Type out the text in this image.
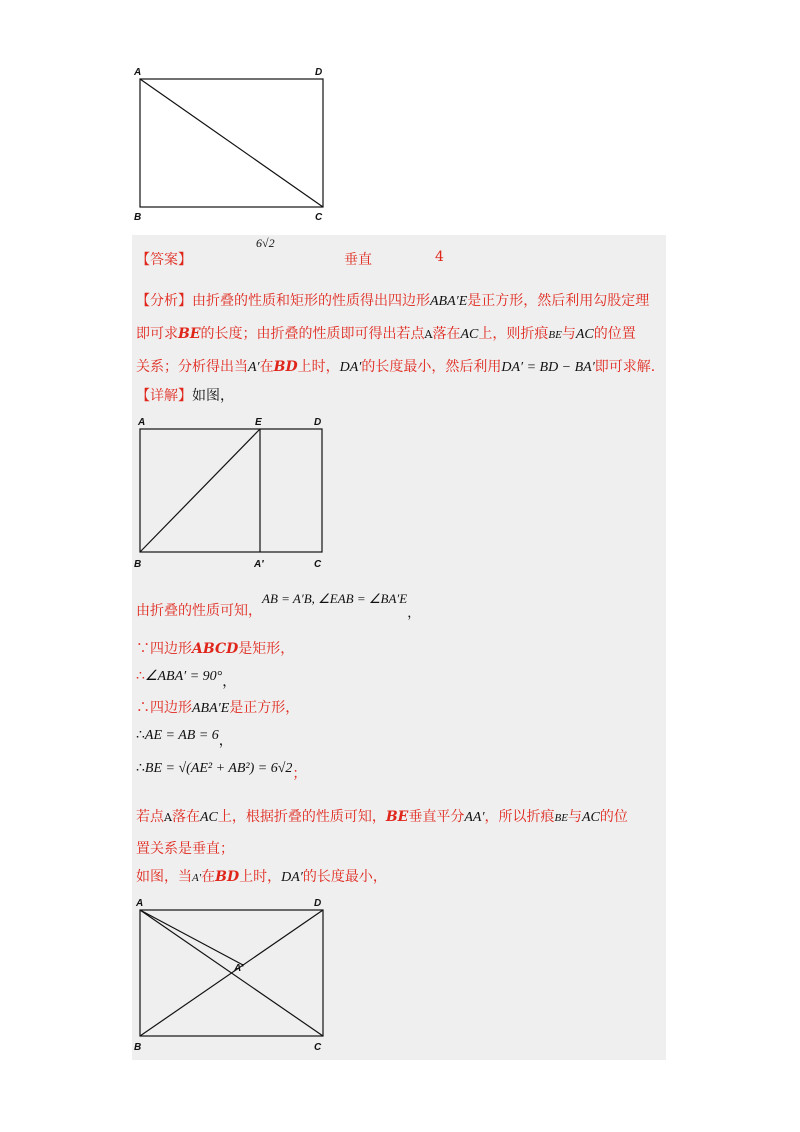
A	D
B	C
【答案】
6√2
垂直	4
【分析】由折叠的性质和矩形的性质得出四边形ABA′E是正方形，然后利用勾股定理
即可求BE的长度；由折叠的性质即可得出若点A落在AC上，则折痕BE与AC的位置
关系；分析得出当A′在BD上时，DA′的长度最小，然后利用DA′ = BD − BA′即可求解.
【详解】如图，
A	E	D
B	A′	C
AB = A′B, ∠EAB = ∠BA′E，
由折叠的性质可知，
∵四边形ABCD是矩形，
∴∠ABA′ = 90°，
∴四边形ABA′E是正方形，
∴AE = AB = 6，
∴BE = √(AE² + AB²) = 6√2；
若点A落在AC上，根据折叠的性质可知，BE垂直平分AA′，所以折痕BE与AC的位
置关系是垂直；
如图，当A′在BD上时，DA′的长度最小，
A	D
A′
B	C
